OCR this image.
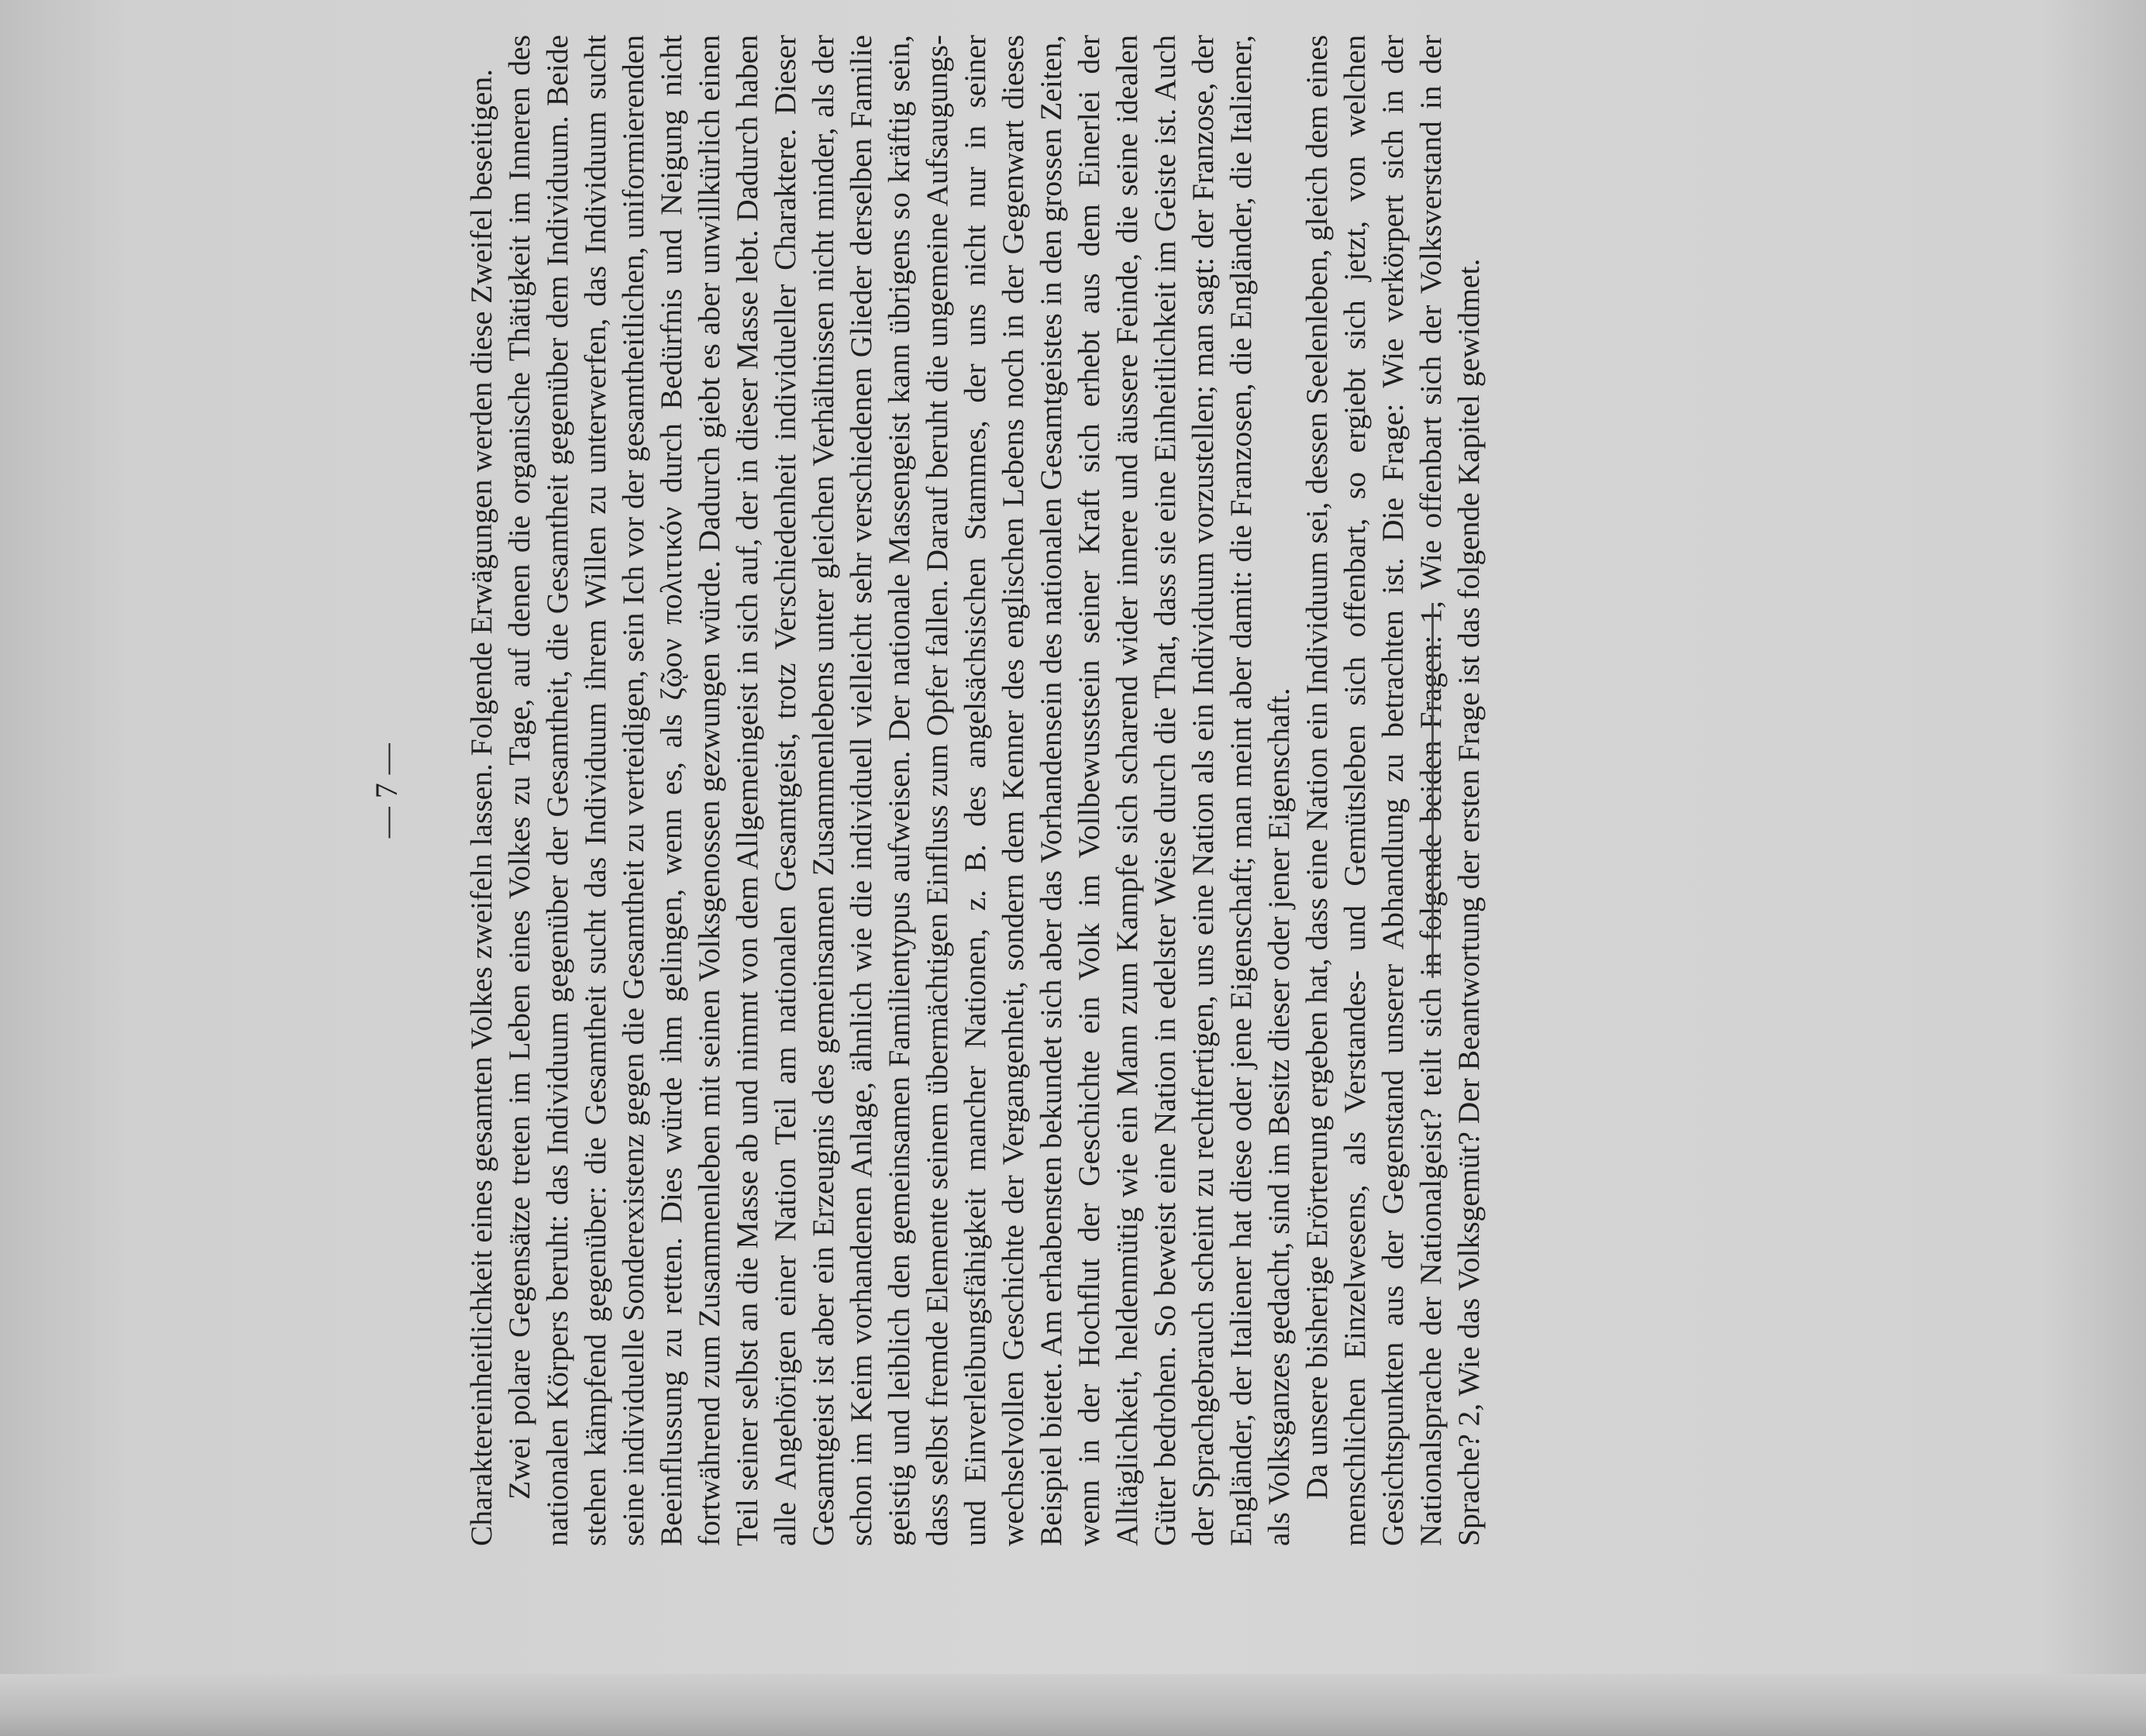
— 7 — Charaktereinheitlichkeit eines gesamten Volkes zweifeln lassen. Folgende Erwägungen werden diese Zweifel beseitigen. Zwei polare Gegensätze treten im Leben eines Volkes zu Tage, auf denen die organische Thätigkeit im Inneren des nationalen Körpers beruht: das Individuum gegenüber der Gesamtheit, die Gesamtheit gegenüber dem Individuum. Beide stehen kämpfend gegenüber: die Gesamtheit sucht das Individuum ihrem Willen zu unterwerfen, das Individuum sucht seine individuelle Sonderexistenz gegen die Gesamtheit zu verteidigen, sein Ich vor der gesamtheitlichen, uniformierenden Beeinflussung zu retten. Dies würde ihm gelingen, wenn es, als ζῷον πολιτικόν durch Bedürfnis und Neigung nicht fortwährend zum Zusammenleben mit seinen Volksgenossen gezwungen würde. Dadurch giebt es aber unwillkürlich einen Teil seiner selbst an die Masse ab und nimmt von dem Allgemeingeist in sich auf, der in dieser Masse lebt. Dadurch haben alle Angehörigen einer Nation Teil am nationalen Gesamtgeist, trotz Verschiedenheit individueller Charaktere. Dieser Gesamtgeist ist aber ein Erzeugnis des gemeinsamen Zusammenlebens unter gleichen Verhältnissen nicht minder, als der schon im Keim vorhandenen Anlage, ähnlich wie die individuell vielleicht sehr verschiedenen Glieder derselben Familie geistig und leiblich den gemeinsamen Familientypus aufweisen. Der nationale Massengeist kann übrigens so kräftig sein, dass selbst fremde Elemente seinem übermächtigen Einfluss zum Opfer fallen. Darauf beruht die ungemeine Aufsaugungs- und Einverleibungsfähigkeit mancher Nationen, z. B. des angelsächsischen Stammes, der uns nicht nur in seiner wechselvollen Geschichte der Vergangenheit, sondern dem Kenner des englischen Lebens noch in der Gegenwart dieses Beispiel bietet. Am erhabensten bekundet sich aber das Vorhandensein des nationalen Gesamtgeistes in den grossen Zeiten, wenn in der Hochflut der Geschichte ein Volk im Vollbewusstsein seiner Kraft sich erhebt aus dem Einerlei der Alltäglichkeit, heldenmütig wie ein Mann zum Kampfe sich scharend wider innere und äussere Feinde, die seine idealen Güter bedrohen. So beweist eine Nation in edelster Weise durch die That, dass sie eine Einheitlichkeit im Geiste ist. Auch der Sprachgebrauch scheint zu rechtfertigen, uns eine Nation als ein Individuum vorzustellen; man sagt: der Franzose, der Engländer, der Italiener hat diese oder jene Eigenschaft; man meint aber damit: die Franzosen, die Engländer, die Italiener, als Volksganzes gedacht, sind im Besitz dieser oder jener Eigenschaft. Da unsere bisherige Erörterung ergeben hat, dass eine Nation ein Individuum sei, dessen Seelenleben, gleich dem eines menschlichen Einzelwesens, als Verstandes- und Gemütsleben sich offenbart, so ergiebt sich jetzt, von welchen Gesichtspunkten aus der Gegenstand unserer Abhandlung zu betrachten ist. Die Frage: Wie verkörpert sich in der Nationalsprache der Nationalgeist? teilt sich in folgende beiden Fragen: 1, Wie offenbart sich der Volksverstand in der Sprache? 2, Wie das Volksgemüt? Der Beantwortung der ersten Frage ist das folgende Kapitel gewidmet.
